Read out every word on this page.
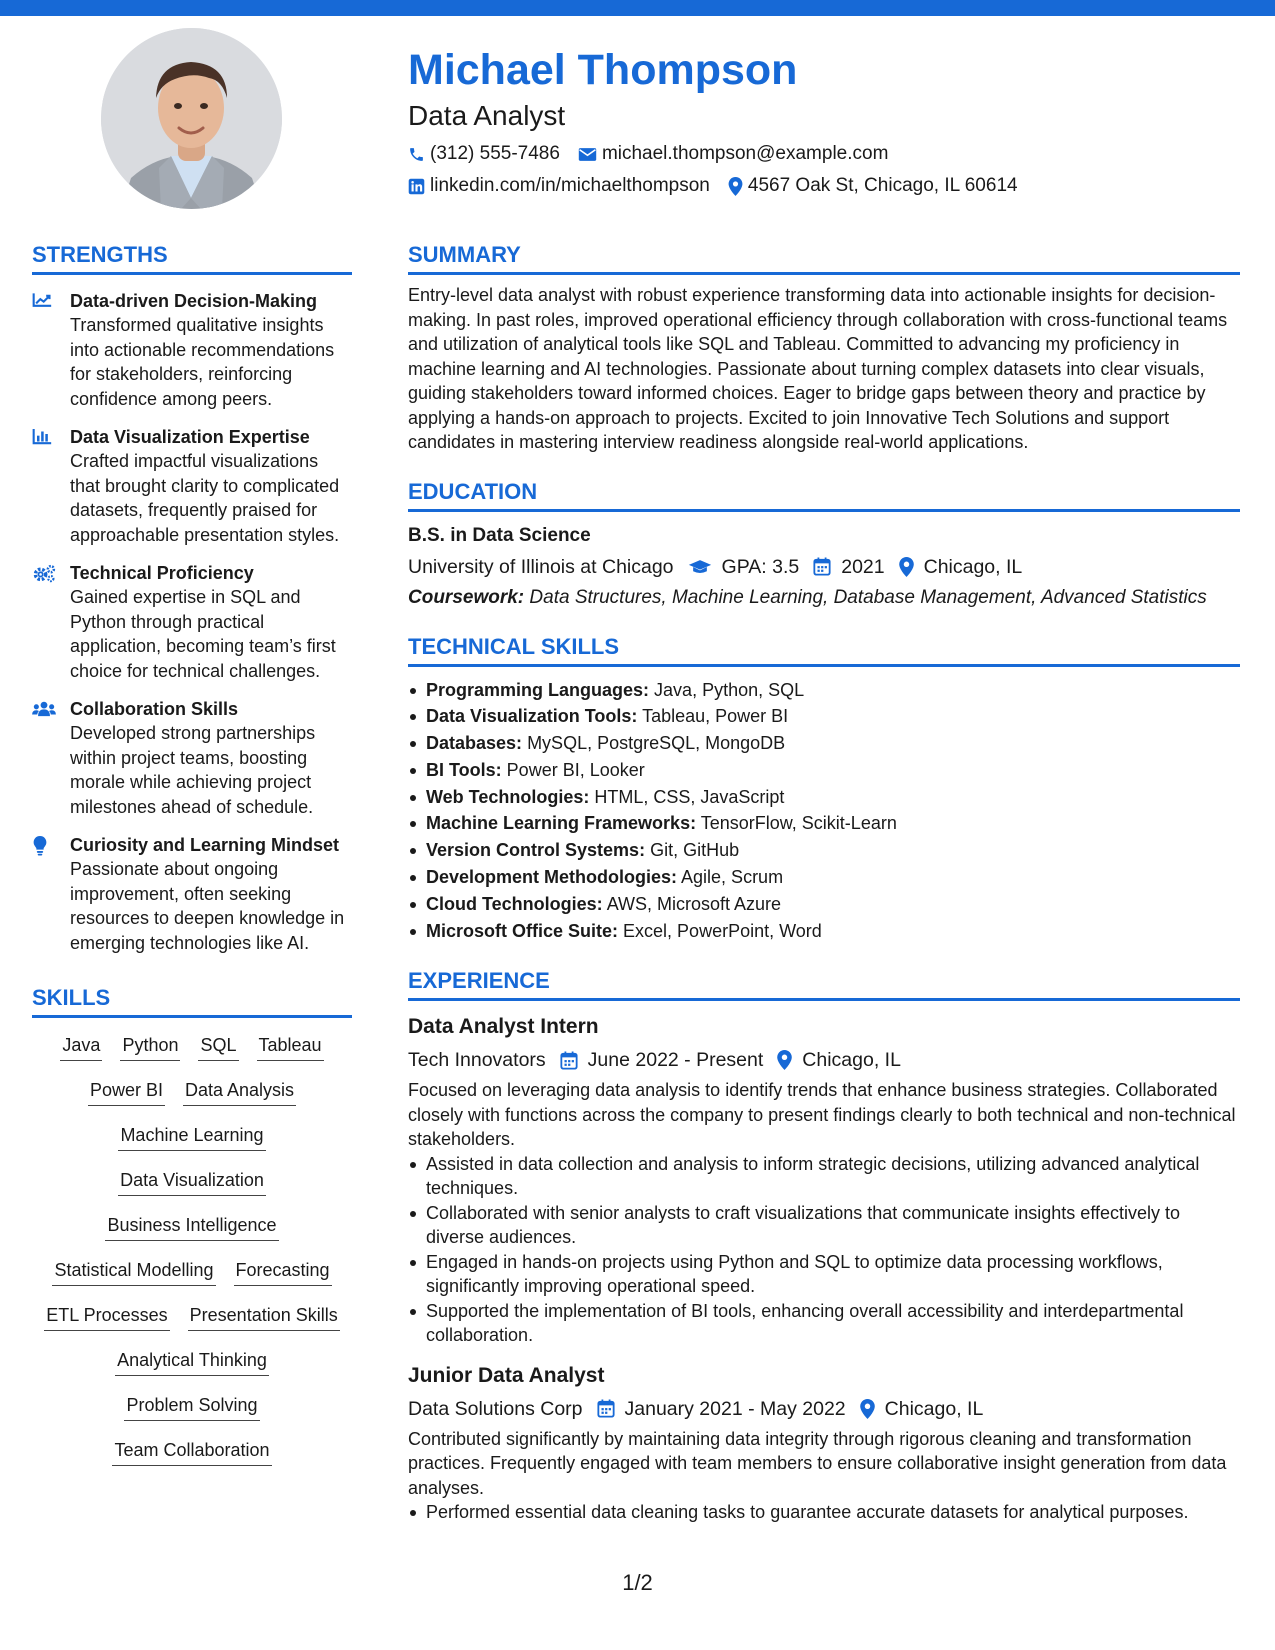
Michael Thompson
Data Analyst
(312) 555-7486 michael.thompson@example.com
linkedin.com/in/michaelthompson 4567 Oak St, Chicago, IL 60614
STRENGTHS
Data-driven Decision-Making
Transformed qualitative insights into actionable recommendations for stakeholders, reinforcing confidence among peers.
Data Visualization Expertise
Crafted impactful visualizations that brought clarity to complicated datasets, frequently praised for approachable presentation styles.
Technical Proficiency
Gained expertise in SQL and Python through practical application, becoming team’s first choice for technical challenges.
Collaboration Skills
Developed strong partnerships within project teams, boosting morale while achieving project milestones ahead of schedule.
Curiosity and Learning Mindset
Passionate about ongoing improvement, often seeking resources to deepen knowledge in emerging technologies like AI.
SKILLS
Java Python SQL Tableau
Power BI Data Analysis
Machine Learning
Data Visualization
Business Intelligence
Statistical Modelling Forecasting
ETL Processes Presentation Skills
Analytical Thinking
Problem Solving
Team Collaboration
SUMMARY
Entry-level data analyst with robust experience transforming data into actionable insights for decision-making. In past roles, improved operational efficiency through collaboration with cross-functional teams and utilization of analytical tools like SQL and Tableau. Committed to advancing my proficiency in machine learning and AI technologies. Passionate about turning complex datasets into clear visuals, guiding stakeholders toward informed choices. Eager to bridge gaps between theory and practice by applying a hands-on approach to projects. Excited to join Innovative Tech Solutions and support candidates in mastering interview readiness alongside real-world applications.
EDUCATION
B.S. in Data Science
University of Illinois at Chicago GPA: 3.5 2021 Chicago, IL
Coursework: Data Structures, Machine Learning, Database Management, Advanced Statistics
TECHNICAL SKILLS
Programming Languages: Java, Python, SQL
Data Visualization Tools: Tableau, Power BI
Databases: MySQL, PostgreSQL, MongoDB
BI Tools: Power BI, Looker
Web Technologies: HTML, CSS, JavaScript
Machine Learning Frameworks: TensorFlow, Scikit-Learn
Version Control Systems: Git, GitHub
Development Methodologies: Agile, Scrum
Cloud Technologies: AWS, Microsoft Azure
Microsoft Office Suite: Excel, PowerPoint, Word
EXPERIENCE
Data Analyst Intern
Tech Innovators June 2022 - Present Chicago, IL
Focused on leveraging data analysis to identify trends that enhance business strategies. Collaborated closely with functions across the company to present findings clearly to both technical and non-technical stakeholders.
Assisted in data collection and analysis to inform strategic decisions, utilizing advanced analytical techniques.
Collaborated with senior analysts to craft visualizations that communicate insights effectively to diverse audiences.
Engaged in hands-on projects using Python and SQL to optimize data processing workflows, significantly improving operational speed.
Supported the implementation of BI tools, enhancing overall accessibility and interdepartmental collaboration.
Junior Data Analyst
Data Solutions Corp January 2021 - May 2022 Chicago, IL
Contributed significantly by maintaining data integrity through rigorous cleaning and transformation practices. Frequently engaged with team members to ensure collaborative insight generation from data analyses.
Performed essential data cleaning tasks to guarantee accurate datasets for analytical purposes.
1/2
